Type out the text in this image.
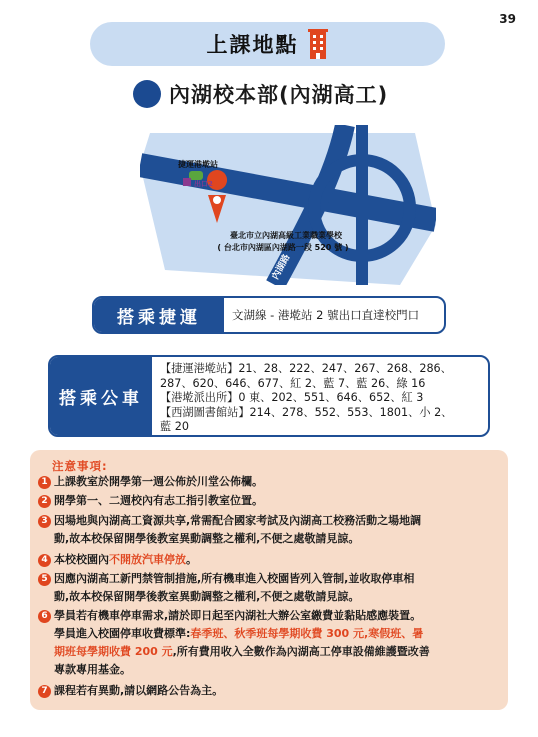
39
上課地點
內湖校本部(內湖高工)
捷運港墘站
出口2
臺北市立內湖高級工業職業學校
( 台北市內湖區內湖路一段 520 號 )
內湖路
搭乘捷運	文湖線 - 港墘站 2 號出口直達校門口
搭乘公車
【捷運港墘站】21、28、222、247、267、268、286、
287、620、646、677、紅 2、藍 7、藍 26、綠 16
【港墘派出所】0 東、202、551、646、652、紅 3
【西湖圖書館站】214、278、552、553、1801、小 2、
藍 20
注意事項:
1 上課教室於開學第一週公佈於川堂公佈欄。
2 開學第一、二週校內有志工指引教室位置。
3 因場地與內湖高工資源共享,常需配合國家考試及內湖高工校務活動之場地調
動,故本校保留開學後教室異動調整之權利,不便之處敬請見諒。
4 本校校園內不開放汽車停放。
5 因應內湖高工新門禁管制措施,所有機車進入校園皆列入管制,並收取停車相
動,故本校保留開學後教室異動調整之權利,不便之處敬請見諒。
6 學員若有機車停車需求,請於即日起至內湖社大辦公室繳費並黏貼感應裝置。
學員進入校園停車收費標準:春季班、秋季班每學期收費 300 元,寒假班、暑
期班每學期收費 200 元,所有費用收入全數作為內湖高工停車設備維護暨改善
專款專用基金。
7 課程若有異動,請以網路公告為主。
